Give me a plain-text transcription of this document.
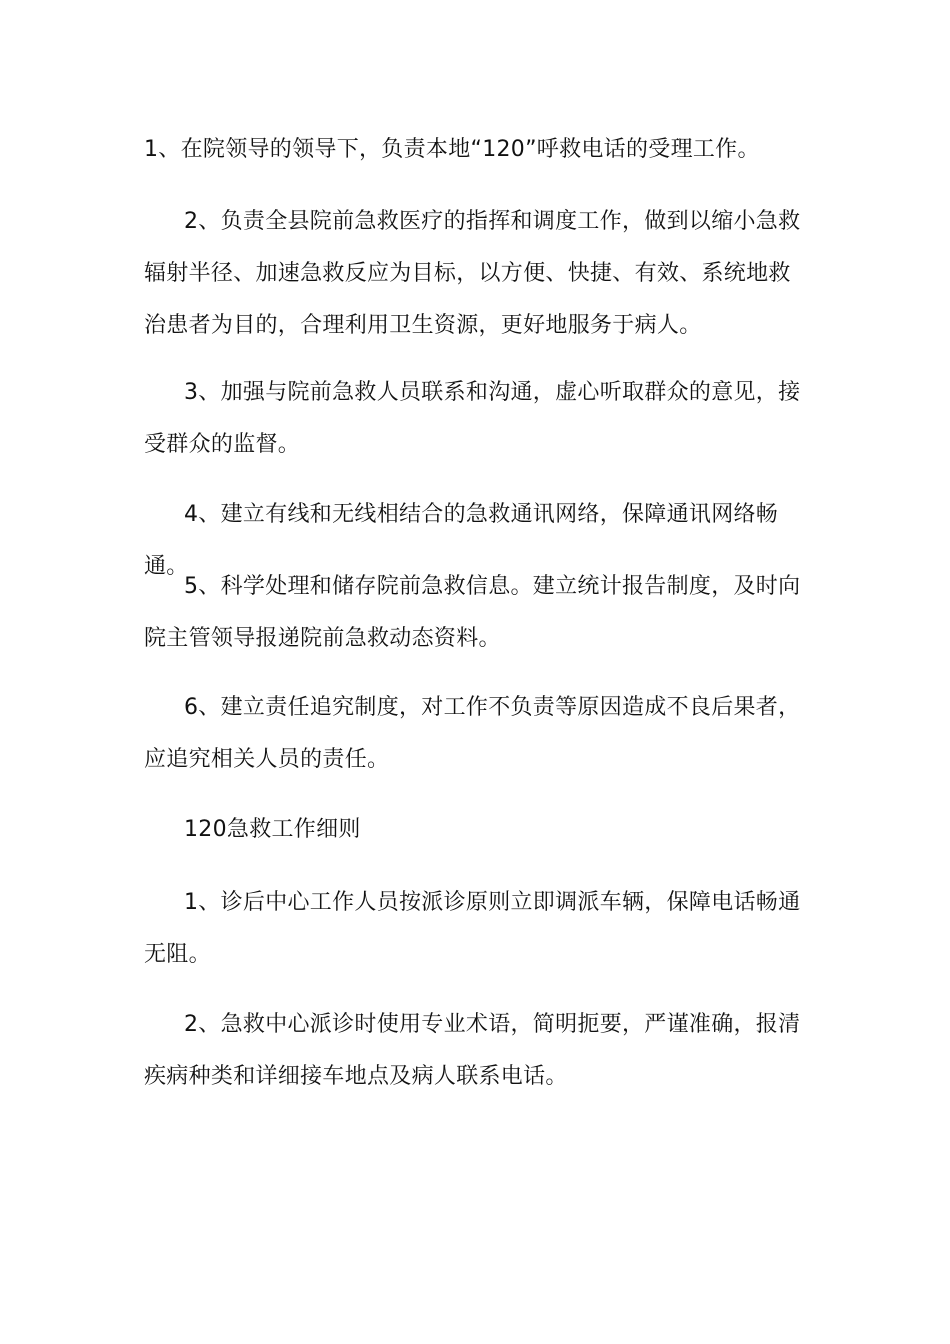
1、在院领导的领导下，负责本地“120”呼救电话的受理工作。

2、负责全县院前急救医疗的指挥和调度工作，做到以缩小急救辐射半径、加速急救反应为目标，以方便、快捷、有效、系统地救治患者为目的，合理利用卫生资源，更好地服务于病人。

3、加强与院前急救人员联系和沟通，虚心听取群众的意见，接受群众的监督。

4、建立有线和无线相结合的急救通讯网络，保障通讯网络畅通。

5、科学处理和储存院前急救信息。建立统计报告制度，及时向院主管领导报递院前急救动态资料。

6、建立责任追究制度，对工作不负责等原因造成不良后果者，应追究相关人员的责任。

120急救工作细则

1、诊后中心工作人员按派诊原则立即调派车辆，保障电话畅通无阻。

2、急救中心派诊时使用专业术语，简明扼要，严谨准确，报清疾病种类和详细接车地点及病人联系电话。
